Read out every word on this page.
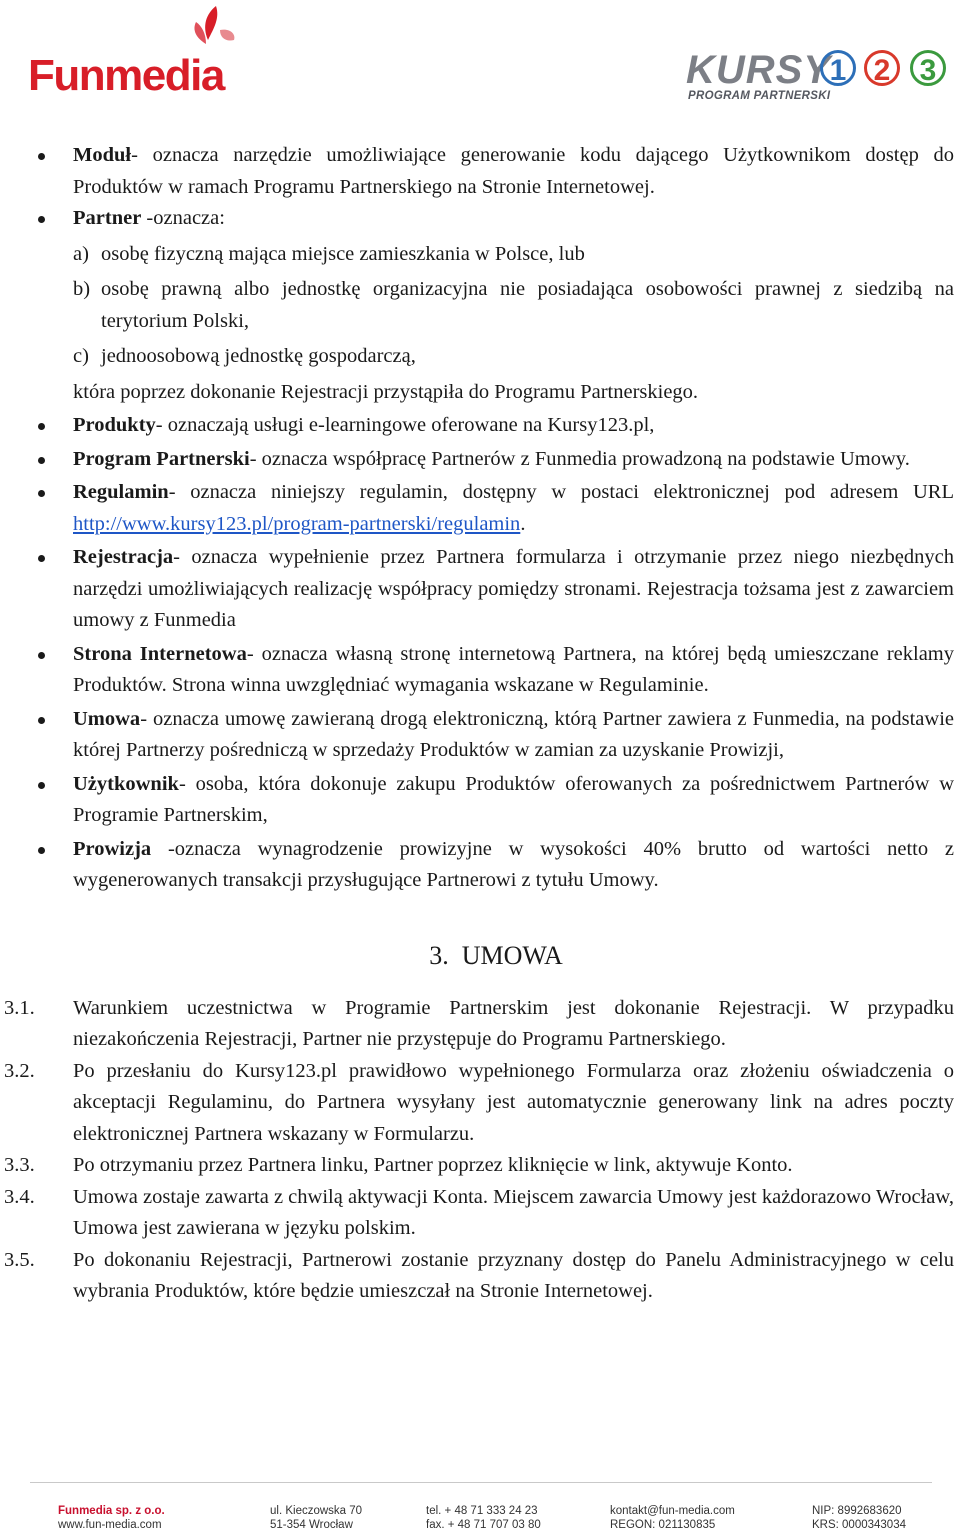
Funmedia	KURSY
1 2 3
PROGRAM PARTNERSKI

Moduł- oznacza narzędzie umożliwiające generowanie kodu dającego Użytkownikom dostęp do Produktów w ramach Programu Partnerskiego na Stronie Internetowej.

Partner -oznacza:

a) osobę fizyczną mająca miejsce zamieszkania w Polsce, lub

b) osobę prawną albo jednostkę organizacyjna nie posiadająca osobowości prawnej z siedzibą na terytorium Polski,

c) jednoosobową jednostkę gospodarczą,

która poprzez dokonanie Rejestracji przystąpiła do Programu Partnerskiego.

Produkty- oznaczają usługi e-learningowe oferowane na Kursy123.pl,

Program Partnerski- oznacza współpracę Partnerów z Funmedia prowadzoną na podstawie Umowy.

Regulamin- oznacza niniejszy regulamin, dostępny w postaci elektronicznej pod adresem URL http://www.kursy123.pl/program-partnerski/regulamin.

Rejestracja- oznacza wypełnienie przez Partnera formularza i otrzymanie przez niego niezbędnych narzędzi umożliwiających realizację współpracy pomiędzy stronami. Rejestracja tożsama jest z zawarciem umowy z Funmedia

Strona Internetowa- oznacza własną stronę internetową Partnera, na której będą umieszczane reklamy Produktów. Strona winna uwzględniać wymagania wskazane w Regulaminie.

Umowa- oznacza umowę zawieraną drogą elektroniczną, którą Partner zawiera z Funmedia, na podstawie której Partnerzy pośredniczą w sprzedaży Produktów w zamian za uzyskanie Prowizji,

Użytkownik- osoba, która dokonuje zakupu Produktów oferowanych za pośrednictwem Partnerów w Programie Partnerskim,

Prowizja -oznacza wynagrodzenie prowizyjne w wysokości 40% brutto od wartości netto z wygenerowanych transakcji przysługujące Partnerowi z tytułu Umowy.

3. UMOWA

3.1. Warunkiem uczestnictwa w Programie Partnerskim jest dokonanie Rejestracji. W przypadku niezakończenia Rejestracji, Partner nie przystępuje do Programu Partnerskiego.

3.2. Po przesłaniu do Kursy123.pl prawidłowo wypełnionego Formularza oraz złożeniu oświadczenia o akceptacji Regulaminu, do Partnera wysyłany jest automatycznie generowany link na adres poczty elektronicznej Partnera wskazany w Formularzu.

3.3. Po otrzymaniu przez Partnera linku, Partner poprzez kliknięcie w link, aktywuje Konto.

3.4. Umowa zostaje zawarta z chwilą aktywacji Konta. Miejscem zawarcia Umowy jest każdorazowo Wrocław, Umowa jest zawierana w języku polskim.

3.5. Po dokonaniu Rejestracji, Partnerowi zostanie przyznany dostęp do Panelu Administracyjnego w celu wybrania Produktów, które będzie umieszczał na Stronie Internetowej.

Funmedia sp. z o.o.
www.fun-media.com
ul. Kieczowska 70
51-354 Wrocław
tel. + 48 71 333 24 23
fax. + 48 71 707 03 80
kontakt@fun-media.com
REGON: 021130835
NIP: 8992683620
KRS: 0000343034
